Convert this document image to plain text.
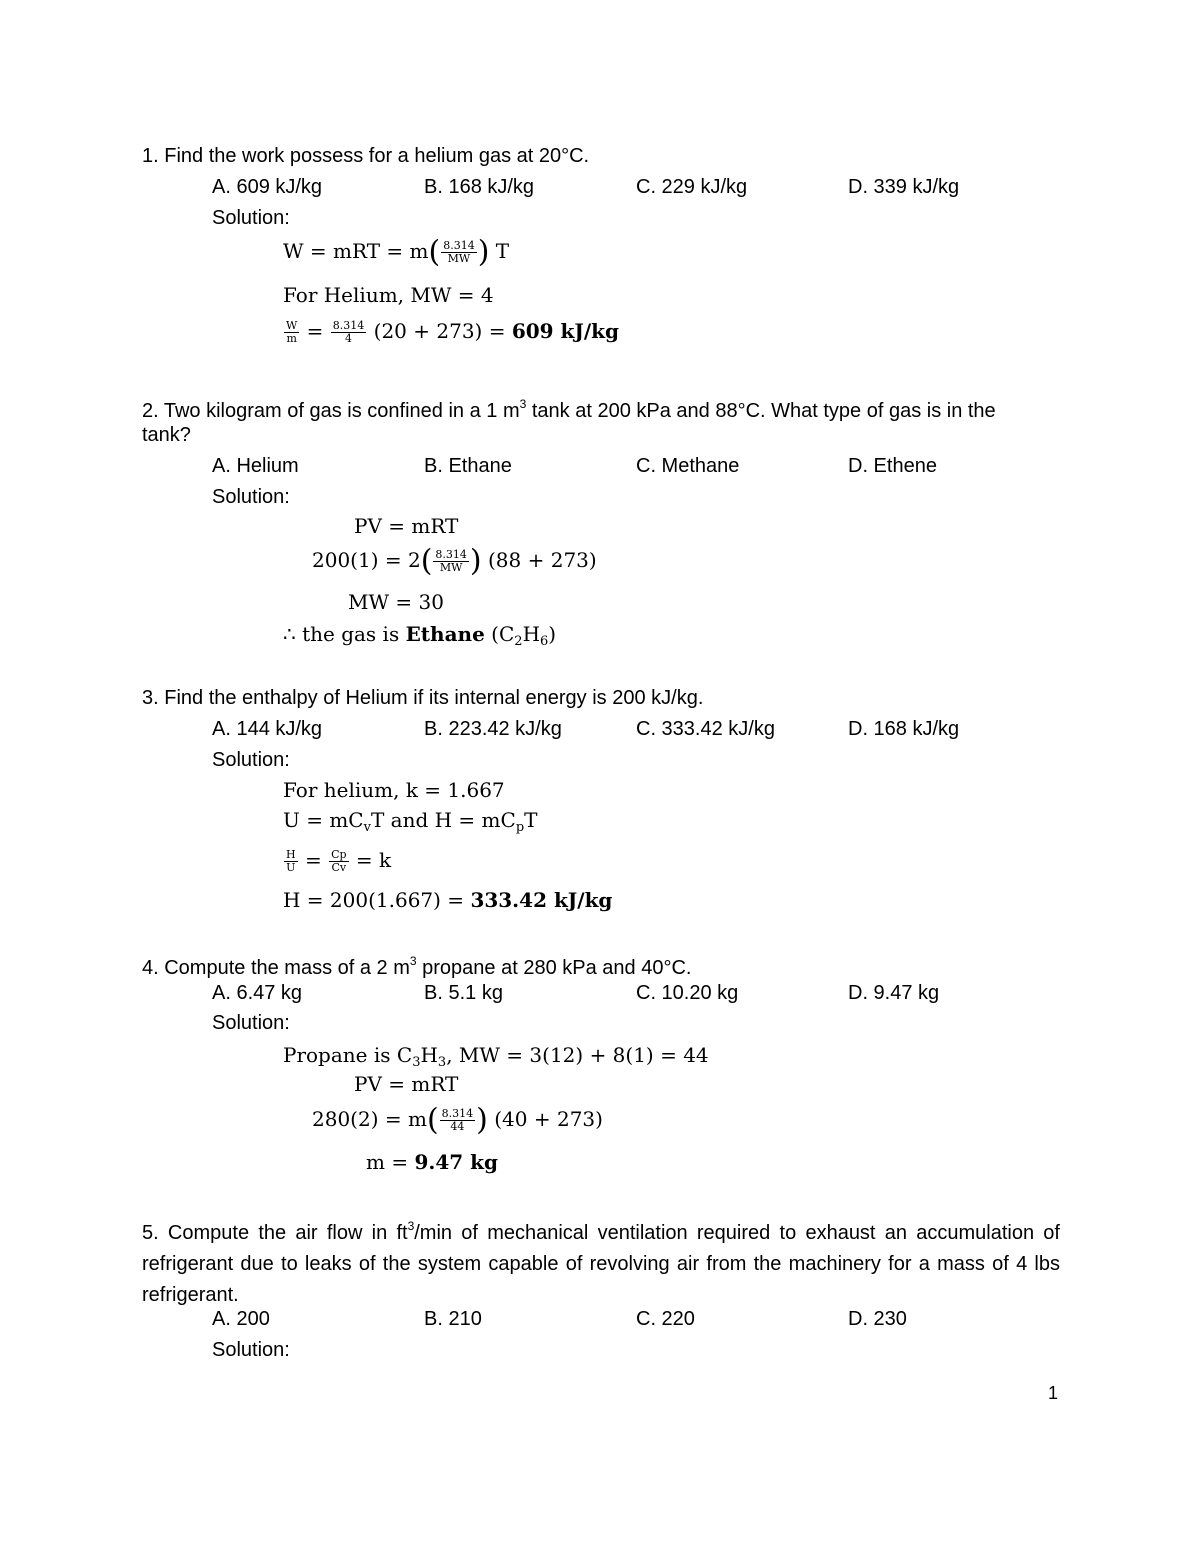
1. Find the work possess for a helium gas at 20°C.
A. 609 kJ/kg	B. 168 kJ/kg	C. 229 kJ/kg	D. 339 kJ/kg
Solution:
W = mRT = $m( \frac{8.314}{MW}$ ) T
For Helium, MW = 4
$\frac{W}{m} = \frac{8.314}{4} (20 + 273) = 609$ kJ/kg
2. Two kilogram of gas is confined in a 1 $m^3$ tank at 200 kPa and 88°C. What type of gas is in the
tank?
A. Helium	B. Ethane	C. Methane	D. Ethene
Solution:
PV = mRT
$200(1) = 2( \frac{8.314}{MW}$ ) (88 + 273)
MW = 30
∴ the gas is Ethane $(C_2H_6)$
3. Find the enthalpy of Helium if its internal energy is 200 kJ/kg.
A. 144 kJ/kg	B. 223.42 kJ/kg	C. 333.42 kJ/kg	D. 168 kJ/kg
Solution:
For helium, k = 1.667
$U = mC_vT$ and $H = mC_pT$
$\frac{H}{U} = \frac{Cp}{Cv} = k$
H = 200(1.667) = 333.42 kJ/kg
4. Compute the mass of a 2 $m^3$ propane at 280 kPa and 40°C.
A. 6.47 kg	B. 5.1 kg	C. 10.20 kg	D. 9.47 kg
Solution:
Propane is $C_3H_3$, MW = 3(12) + 8(1) = 44
PV = mRT
$280(2) = m( \frac{8.314}{44}$ ) (40 + 273)
m = 9.47 kg
5. Compute the air flow in $ft^3/\min$ of mechanical ventilation required to exhaust an accumulation of refrigerant due to leaks of the system capable of revolving air from the machinery for a mass of 4 lbs refrigerant.
A. 200	B. 210	C. 220	D. 230
Solution:
1
